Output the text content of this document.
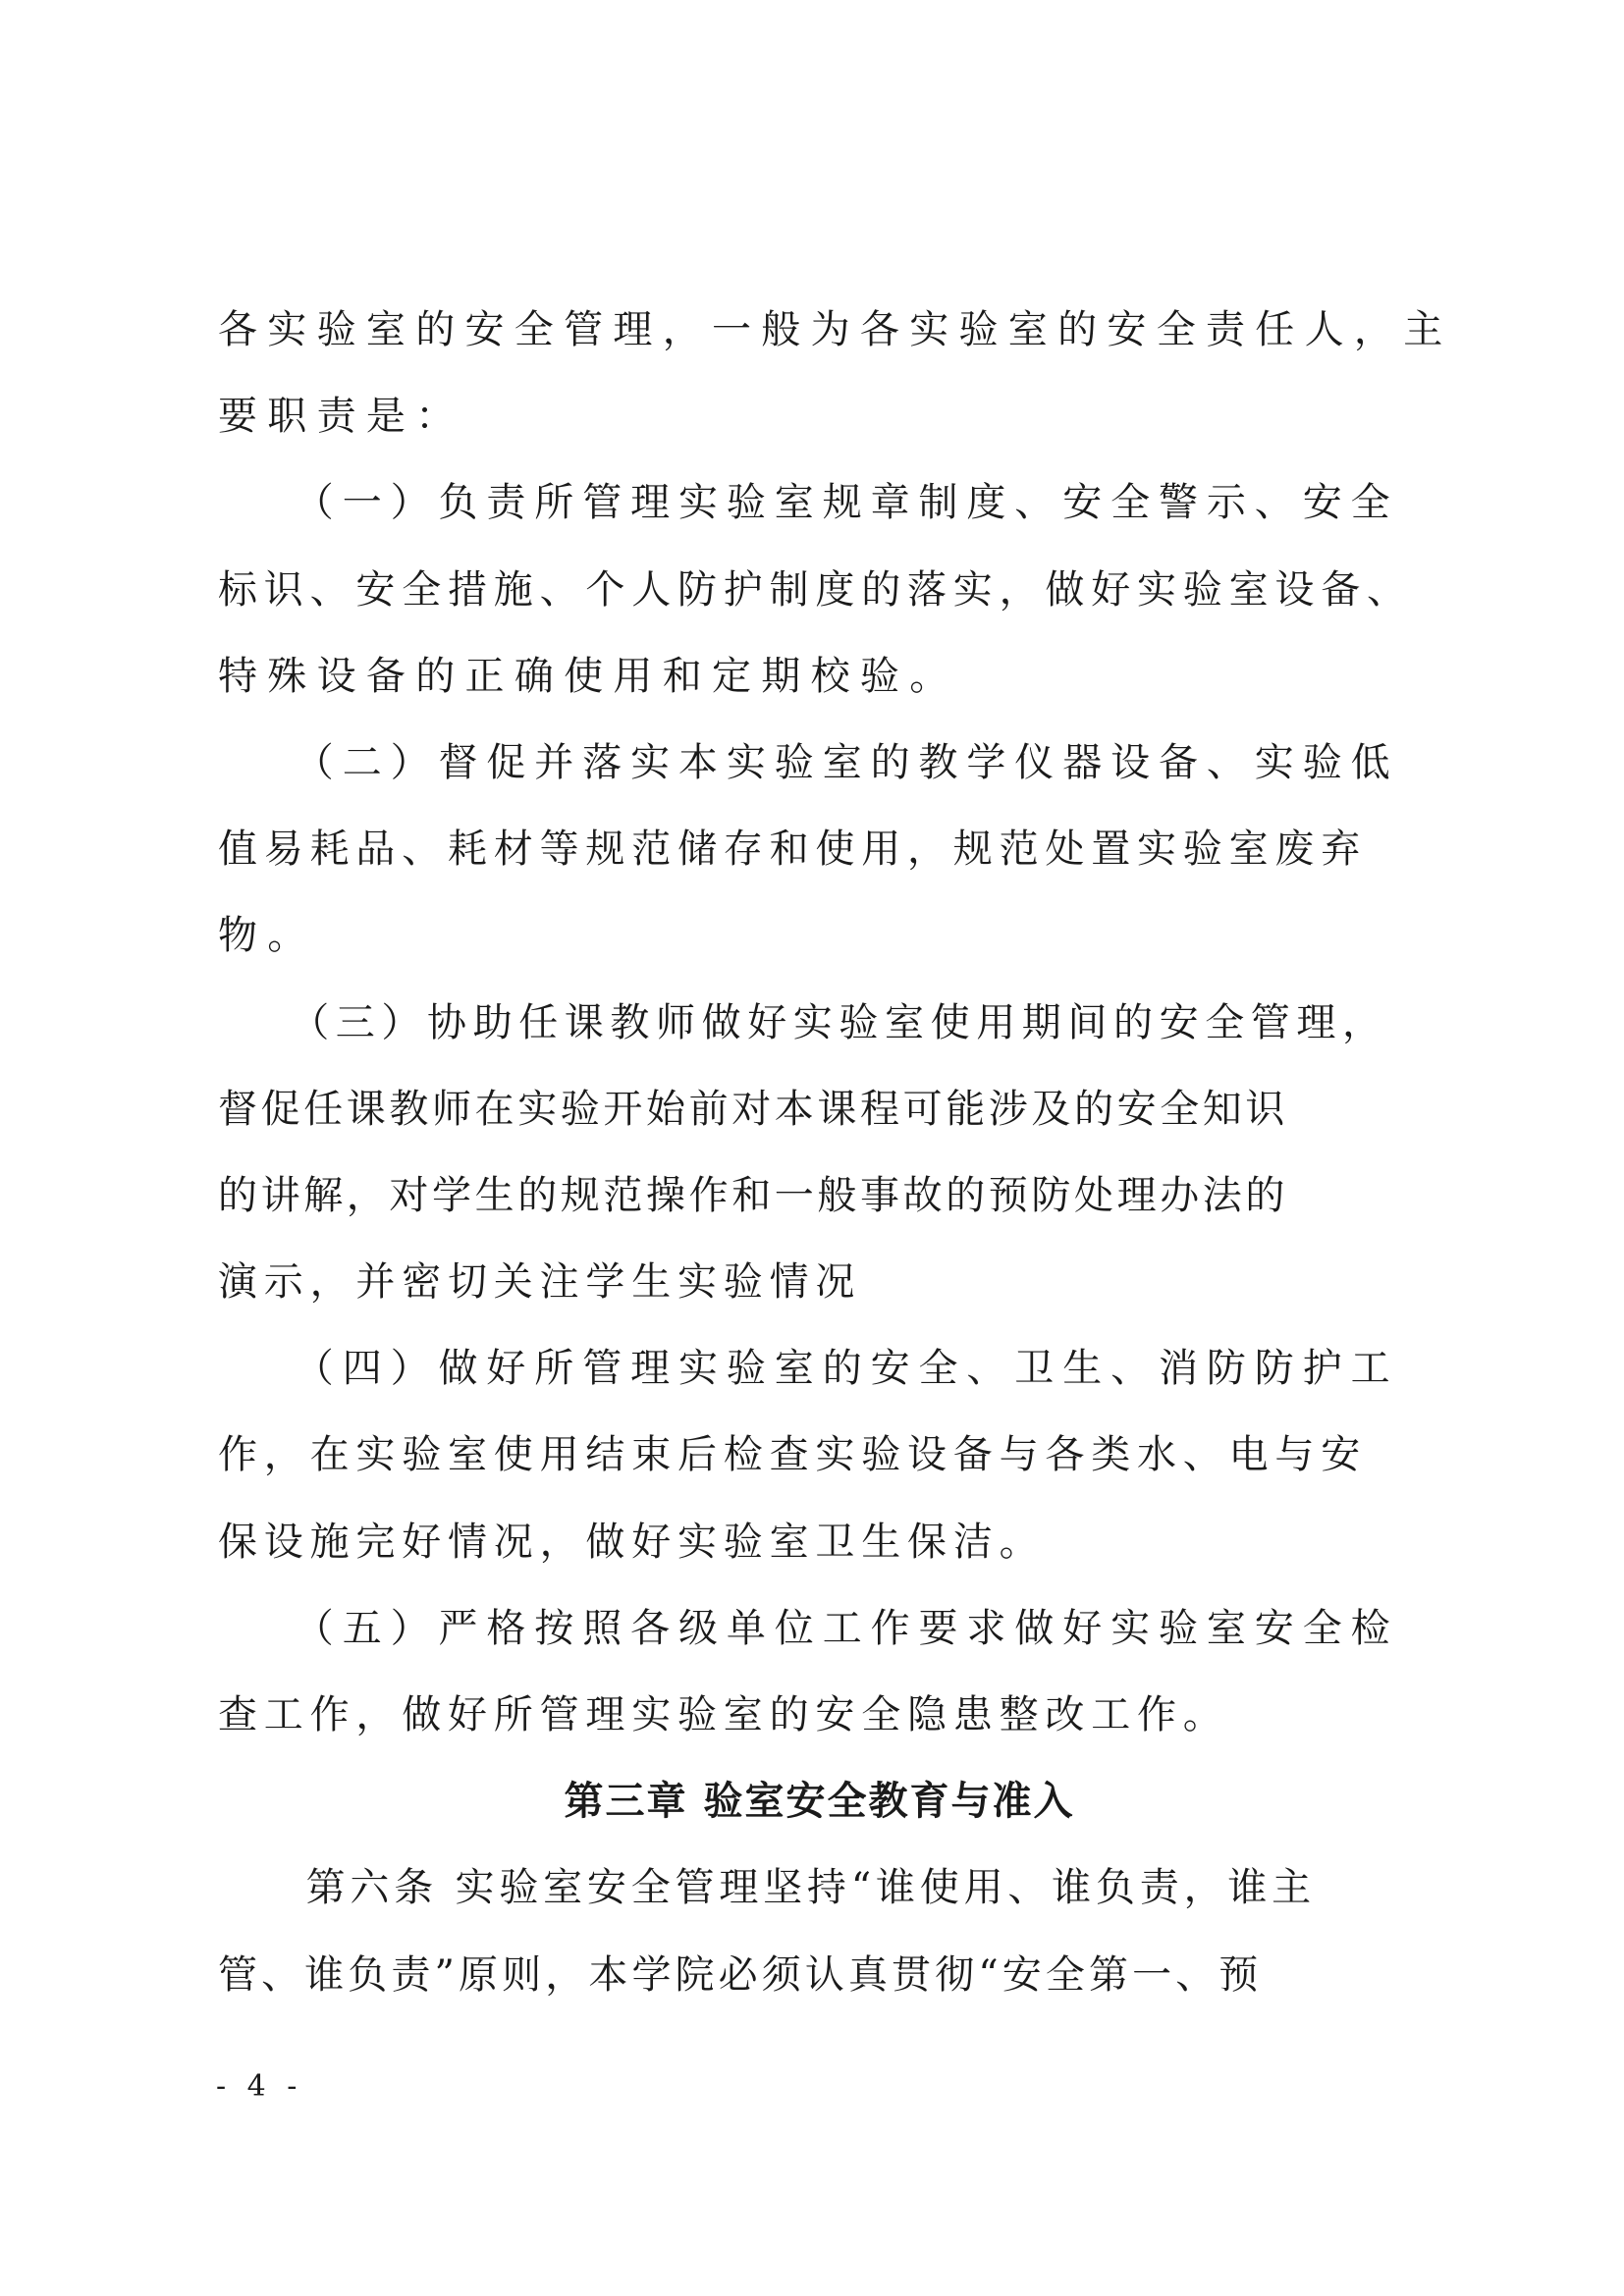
各实验室的安全管理，一般为各实验室的安全责任人，主
要职责是：
　　（一）负责所管理实验室规章制度、安全警示、安全
标识、安全措施、个人防护制度的落实，做好实验室设备、
特殊设备的正确使用和定期校验。
　　（二）督促并落实本实验室的教学仪器设备、实验低
值易耗品、耗材等规范储存和使用，规范处置实验室废弃
物。
　　（三）协助任课教师做好实验室使用期间的安全管理，
督促任课教师在实验开始前对本课程可能涉及的安全知识
的讲解，对学生的规范操作和一般事故的预防处理办法的
演示，并密切关注学生实验情况
　　（四）做好所管理实验室的安全、卫生、消防防护工
作，在实验室使用结束后检查实验设备与各类水、电与安
保设施完好情况，做好实验室卫生保洁。
　　（五）严格按照各级单位工作要求做好实验室安全检
查工作，做好所管理实验室的安全隐患整改工作。
第三章 验室安全教育与准入
　　第六条 实验室安全管理坚持“谁使用、谁负责，谁主
管、谁负责”原则，本学院必须认真贯彻“安全第一、预
- 4 -
